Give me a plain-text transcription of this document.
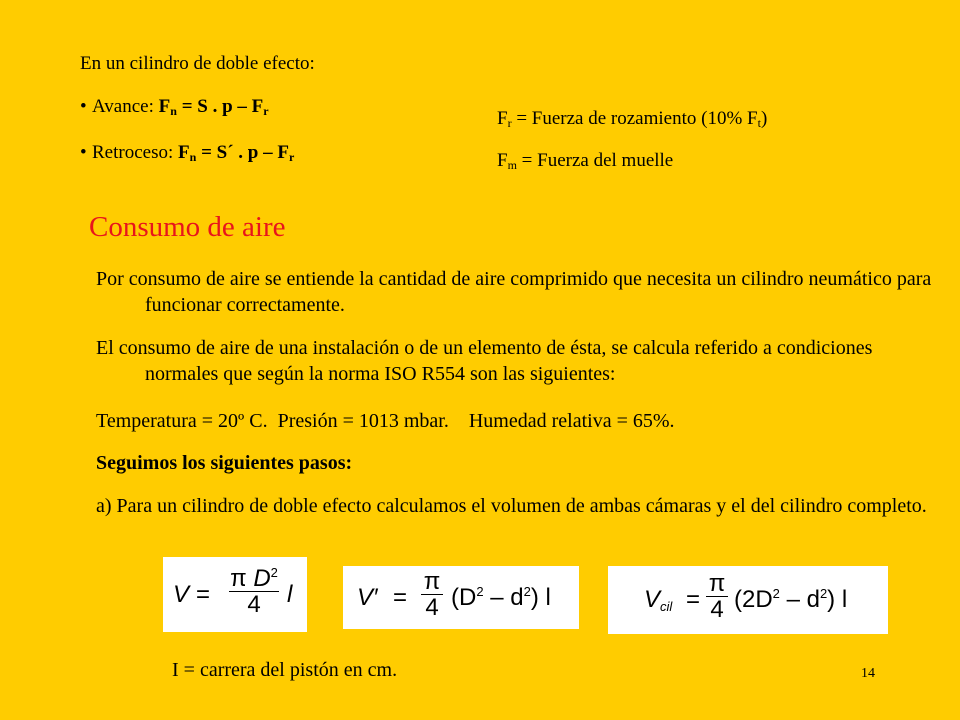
En un cilindro de doble efecto:
• Avance: $F_n = S$ . p – $F_r$
• Retroceso: $F_n$ = S´ . p – $F_r$
$F_r$ = Fuerza de rozamiento (10% $F_t$)
$F_m$ = Fuerza del muelle
Consumo de aire
Por consumo de aire se entiende la cantidad de aire comprimido que necesita un cilindro neumático para funcionar correctamente.
El consumo de aire de una instalación o de un elemento de ésta, se calcula referido a condiciones normales que según la norma ISO R554 son las siguientes:
Temperatura = 20º C.  Presión = 1013 mbar.    Humedad relativa = 65%.
Seguimos los siguientes pasos:
a) Para un cilindro de doble efecto calculamos el volumen de ambas cámaras y el del cilindro completo.
V =
π $D^2$
4	l	V′ =
π
4 $(D^2 - d^2)$ l	Vcil =
π
4 $(2D^2 - d^2)$ l
I = carrera del pistón en cm.	14
